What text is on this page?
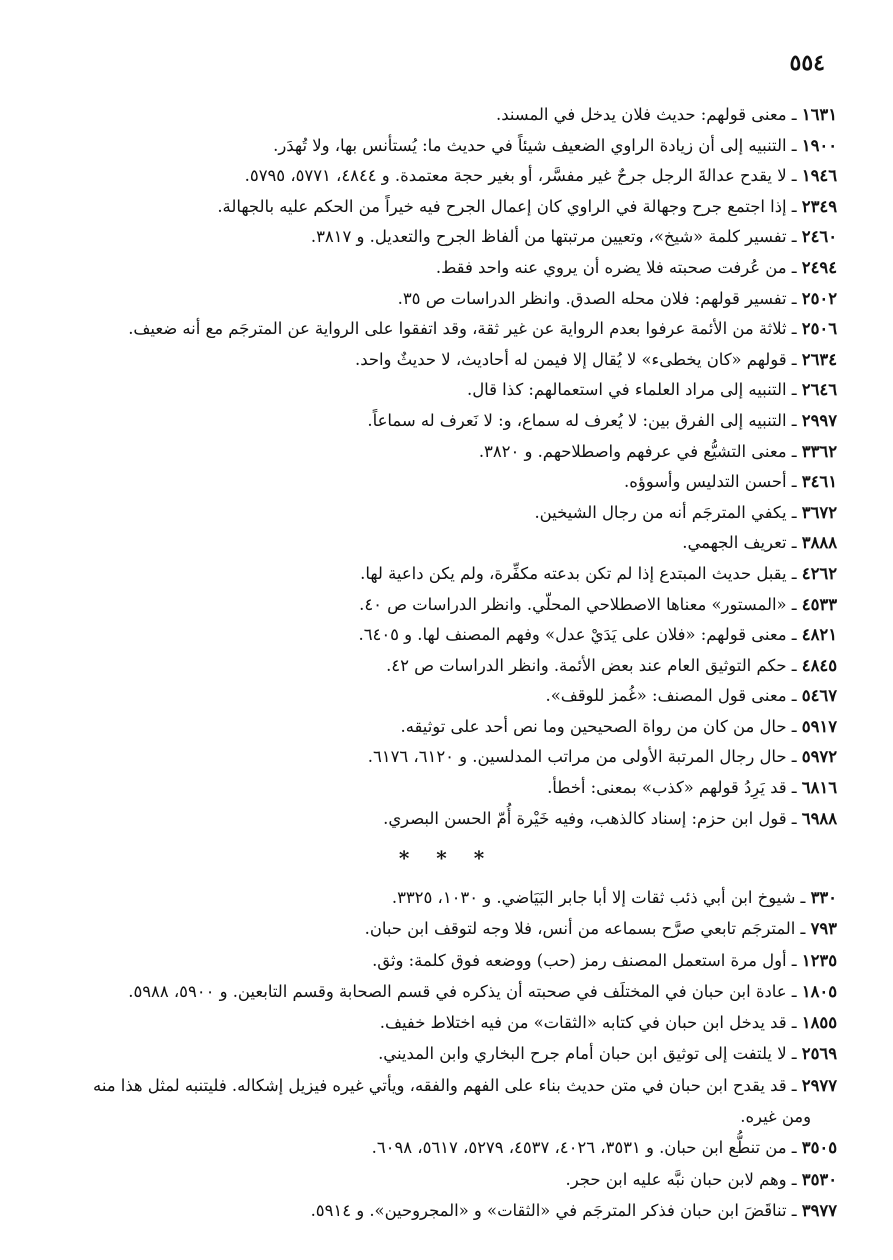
٥٥٤
١٦٣١ ـ معنى قولهم: حديث فلان يدخل في المسند.
١٩٠٠ ـ التنبيه إلى أن زيادة الراوي الضعيف شيئاً في حديث ما: يُستأنس بها، ولا تُهدَر.
١٩٤٦ ـ لا يقدح عدالةَ الرجل جرحٌ غير مفسَّر، أو بغير حجة معتمدة. و ٤٨٤٤، ٥٧٧١، ٥٧٩٥.
٢٣٤٩ ـ إذا اجتمع جرح وجهالة في الراوي كان إعمال الجرح فيه خيراً من الحكم عليه بالجهالة.
٢٤٦٠ ـ تفسير كلمة «شيخ»، وتعيين مرتبتها من ألفاظ الجرح والتعديل. و ٣٨١٧.
٢٤٩٤ ـ من عُرفت صحبته فلا يضره أن يروي عنه واحد فقط.
٢٥٠٢ ـ تفسير قولهم: فلان محله الصدق. وانظر الدراسات ص ٣٥.
٢٥٠٦ ـ ثلاثة من الأئمة عرفوا بعدم الرواية عن غير ثقة، وقد اتفقوا على الرواية عن المترجَم مع أنه ضعيف.
٢٦٣٤ ـ قولهم «كان يخطىء» لا يُقال إلا فيمن له أحاديث، لا حديثٌ واحد.
٢٦٤٦ ـ التنبيه إلى مراد العلماء في استعمالهم: كذا قال.
٢٩٩٧ ـ التنبيه إلى الفرق بين: لا يُعرف له سماع، و: لا نَعرف له سماعاً.
٣٣٦٢ ـ معنى التشيُّع في عرفهم واصطلاحهم. و ٣٨٢٠.
٣٤٦١ ـ أحسن التدليس وأسوؤه.
٣٦٧٢ ـ يكفي المترجَم أنه من رجال الشيخين.
٣٨٨٨ ـ تعريف الجهمي.
٤٢٦٢ ـ يقبل حديث المبتدع إذا لم تكن بدعته مكفِّرة، ولم يكن داعية لها.
٤٥٣٣ ـ «المستور» معناها الاصطلاحي المحلّي. وانظر الدراسات ص ٤٠.
٤٨٢١ ـ معنى قولهم: «فلان على يَدَيْ عدل» وفهم المصنف لها. و ٦٤٠٥.
٤٨٤٥ ـ حكم التوثيق العام عند بعض الأئمة. وانظر الدراسات ص ٤٢.
٥٤٦٧ ـ معنى قول المصنف: «غُمز للوقف».
٥٩١٧ ـ حال من كان من رواة الصحيحين وما نص أحد على توثيقه.
٥٩٧٢ ـ حال رجال المرتبة الأولى من مراتب المدلسين. و ٦١٢٠، ٦١٧٦.
٦٨١٦ ـ قد يَرِدُ قولهم «كذب» بمعنى: أخطأ.
٦٩٨٨ ـ قول ابن حزم: إسناد كالذهب، وفيه خَيْرة أُمّ الحسن البصري.
* * *
٣٣٠ ـ شيوخ ابن أبي ذئب ثقات إلا أبا جابر البَيَاضي. و ١٠٣٠، ٣٣٢٥.
٧٩٣ ـ المترجَم تابعي صرَّح بسماعه من أنس، فلا وجه لتوقف ابن حبان.
١٢٣٥ ـ أول مرة استعمل المصنف رمز (حب) ووضعه فوق كلمة: وثق.
١٨٠٥ ـ عادة ابن حبان في المختلَف في صحبته أن يذكره في قسم الصحابة وقسم التابعين. و ٥٩٠٠، ٥٩٨٨.
١٨٥٥ ـ قد يدخل ابن حبان في كتابه «الثقات» من فيه اختلاط خفيف.
٢٥٦٩ ـ لا يلتفت إلى توثيق ابن حبان أمام جرح البخاري وابن المديني.
٢٩٧٧ ـ قد يقدح ابن حبان في متن حديث بناء على الفهم والفقه، ويأتي غيره فيزيل إشكاله. فليتنبه لمثل هذا منه
ومن غيره.
٣٥٠٥ ـ من تنطُّع ابن حبان. و ٣٥٣١، ٤٠٢٦، ٤٥٣٧، ٥٢٧٩، ٥٦١٧، ٦٠٩٨.
٣٥٣٠ ـ وهم لابن حبان نبَّه عليه ابن حجر.
٣٩٧٧ ـ تناقَضَ ابن حبان فذكر المترجَم في «الثقات» و «المجروحين». و ٥٩١٤.
